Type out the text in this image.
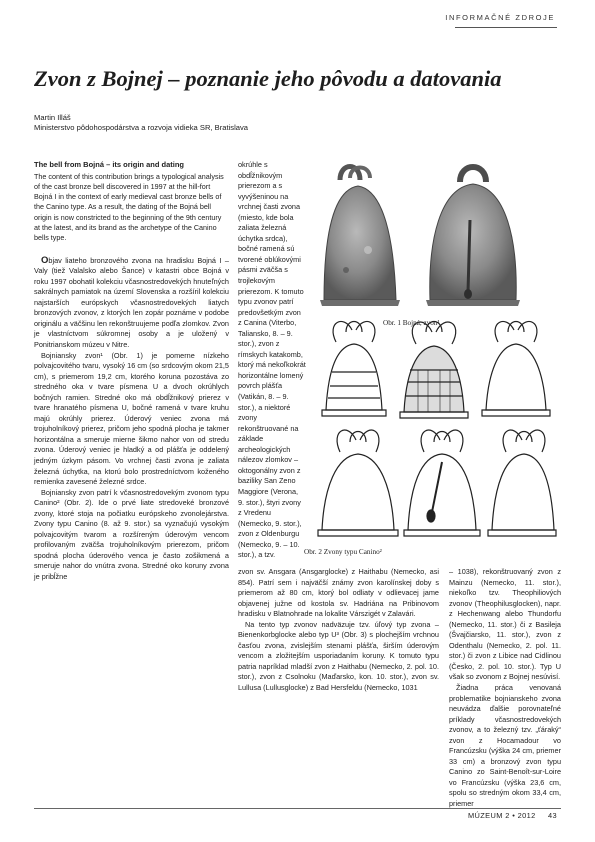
INFORMAČNÉ ZDROJE
Zvon z Bojnej – poznanie jeho pôvodu a datovania
Martin Illáš
Ministerstvo pôdohospodárstva a rozvoja vidieka SR, Bratislava
The bell from Bojná – its origin and dating

The content of this contribution brings a typological analysis of the cast bronze bell discovered in 1997 at the hill-fort Bojná I in the context of early medieval cast bronze bells of the Canino type. As a result, the dating of the Bojná bell origin is now constricted to the beginning of the 9th century at the latest, and its brand as the archetype of the Canino bells type.

Objav liateho bronzového zvona na hradisku Bojná I – Valy (tiež Valalsko alebo Šance) v katastri obce Bojná v roku 1997 obohatil kolekciu včasnostredovekých hnuteľných sakrálnych pamiatok na území Slovenska a rozšíril kolekciu najstarších európskych včasnostredovekých liatych bronzových zvonov, z ktorých len zopár poznáme v podobe originálu a väčšinu len rekonštruujeme podľa zlomkov. Zvon je vlastníctvom súkromnej osoby a je uložený v Ponitrianskom múzeu v Nitre.

Bojniansky zvon¹ (Obr. 1) je pomerne nízkeho polvajcovitého tvaru, vysoký 16 cm (so srdcovým okom 21,5 cm), s priemerom 19,2 cm, ktorého koruna pozostáva zo stredného oka v tvare písmena U a dvoch okrúhlych bočných ramien. Stredné oko má obdĺžnikový prierez v tvare hranatého písmena U, bočné ramená v tvare kruhu majú okrúhly prierez. Úderový veniec zvona má trojuholníkový prierez, pričom jeho spodná plocha je takmer horizontálna a smeruje mierne šikmo nahor von od stredu zvona. Úderový veniec je hladký a od plášťa je oddelený jedným úzkym pásom. Vo vrchnej časti zvona je zaliata železná úchytka, na ktorú bolo prostredníctvom koženého remienka zavesené železné srdce.

Bojniansky zvon patrí k včasnostredovekým zvonom typu Canino² (Obr. 2). Ide o prvé liate stredoveké bronzové zvony, ktoré stoja na počiatku európskeho zvonolejárstva. Zvony typu Canino (8. až 9. stor.) sa vyznačujú vysokým polvajcovitým tvarom a rozšíreným úderovým vencom profilovaným zväčša trojuholníkovým prierezom, pričom spodná plocha úderového venca je často zošikmená a smeruje nahor do vnútra zvona. Stredné oko koruny zvona je pribĺžne

okrúhle s obdĺžnikovým prierezom a s vyvýšeninou na vrchnej časti zvona (miesto, kde bola zaliata železná úchytka srdca), bočné ramená sú tvorené oblúkovými pásmi zväčša s trojlekovým prierezom. K tomuto typu zvonov patrí predovšetkým zvon z Canina (Viterbo, Taliansko, 8. – 9. stor.), zvon z rímskych katakomb, ktorý má nekoľkokrát horizontálne lomený povrch plášťa (Vatikán, 8. – 9. stor.), a niektoré zvony rekonštruované na základe archeologických nálezov zlomkov – oktogonálny zvon z baziliky San Zeno Maggiore (Verona, 9. stor.), štyri zvony z Vredenu (Nemecko, 9. stor.), zvon z Oldenburgu (Nemecko, 9. – 10. stor.), a tzv.

Obr. 1 Bojná, zvon¹
Obr. 2 Zvony typu Canino²

zvon sv. Ansgara (Ansgarglocke) z Haithabu (Nemecko, asi 854). Patrí sem i najväčší známy zvon karolínskej doby s priemerom až 80 cm, ktorý bol odliaty v odlievacej jame objavenej južne od kostola sv. Hadriána na Pribinovom hradisku v Blatnohrade na lokalite Várszigét v Zalavári.

Na tento typ zvonov nadväzuje tzv. úľový typ zvona – Bienenkorbglocke alebo typ U³ (Obr. 3) s plochejším vrchnou časťou zvona, zvislejším stenami plášťa, širším úderovým vencom a zložitejším usporiadaním koruny. K tomuto typu patria napríklad mladší zvon z Haithabu (Nemecko, 2. pol. 10. stor.), zvon z Csolnoku (Maďarsko, kon. 10. stor.), zvon sv. Lullusa (Lullusglocke) z Bad Hersfeldu (Nemecko, 1031

– 1038), rekonštruovaný zvon z Mainzu (Nemecko, 11. stor.), niekoľko tzv. Theophiliových zvonov (Theophilusglocken), napr. z Hechenwang alebo Thundorfu (Nemecko, 11. stor.) či z Basileja (Švajčiarsko, 11. stor.), zvon z Odenthalu (Nemecko, 2. pol. 11. stor.) či zvon z Libice nad Cidlinou (Česko, 2. pol. 10. stor.). Typ U však so zvonom z Bojnej nesúvisí.

Žiadna práca venovaná problematike bojnianskeho zvona neuvádza ďalšie porovnateľné príklady včasnostredovekých zvonov, a to železný tzv. „ťáraký“ zvon z Hocamadour vo Francúzsku (výška 24 cm, priemer 33 cm) a bronzový zvon typu Canino zo Saint-Benoît-sur-Loire vo Francúzsku (výška 23,6 cm, spolu so stredným okom 33,4 cm, priemer

MÚZEUM 2 • 2012 43
